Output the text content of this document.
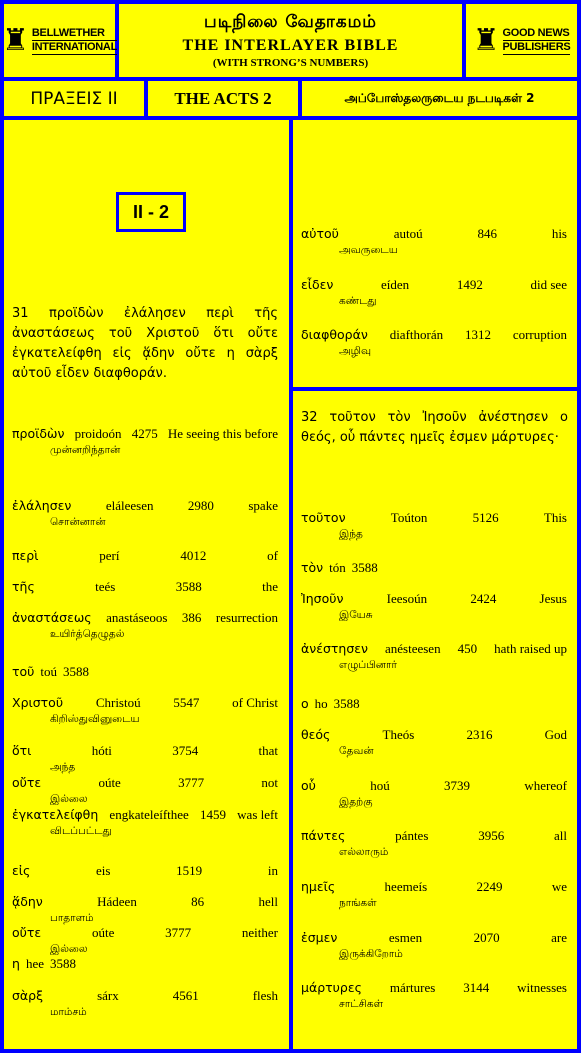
♜ BELLWETHER
INTERNATIONAL
படிநிலை வேதாகமம்
THE INTERLAYER BIBLE
(WITH STRONG’S NUMBERS)
♜ GOOD NEWS
PUBLISHERS
ΠΡΑΞΕΙΣ ΙΙ	THE ACTS 2	அப்போஸ்தலருடைய நடபடிகள் 2
II - 2
31 προϊδὼν ἐλάλησεν περὶ τῆς ἀναστάσεως τοῦ Χριστοῦ ὅτι οὔτε ἐγκατελείφθη εἰς ᾅδην οὔτε η σὰρξ αὐτοῦ εἶδεν διαφθοράν.
32 τοῦτον τὸν Ἰησοῦν ἀνέστησεν ο θεός, οὗ πάντες ημεῖς ἐσμεν μάρτυρες·
προϊδὼν proidoón 4275 He seeing this before
முன்னறிந்தான்
ἐλάλησεν	eláleesen	2980	spake
சொன்னான்
περὶ	perí	4012	of
τῆς	teés	3588	the
ἀναστάσεως anastáseoos 386 resurrection
உயிர்த்தெழுதல்
τοῦ toú 3588
Χριστοῦ	Christoú	5547	of Christ
கிறிஸ்துவினுடைய
ὅτι	hóti	3754	that
அந்த
οὔτε	oúte	3777	not
இல்லை
ἐγκατελείφθη engkateleífthee 1459 was left
விடப்பட்டது
εἰς	eis	1519	in
ᾅδην	Hádeen	86	hell
பாதாளம்
οὔτε	oúte	3777	neither
இல்லை
η hee 3588
σὰρξ	sárx	4561	flesh
மாம்சம்
αὐτοῦ	autoú	846	his
அவருடைய
εἶδεν	eíden	1492	did see
கண்டது
διαφθοράν diafthorán 1312 corruption
அழிவு
τοῦτον	Toúton	5126	This
இந்த
τὸν tón 3588
Ἰησοῦν	Ieesoún	2424	Jesus
இயேசு
ἀνέστησεν anésteesen 450 hath raised up
எழுப்பினார்
ο ho 3588
θεός	Theós	2316	God
தேவன்
οὗ	hoú	3739	whereof
இதற்கு
πάντες	pántes	3956	all
எல்லாரும்
ημεῖς	heemeís	2249	we
நாங்கள்
ἐσμεν	esmen	2070	are
இருக்கிறோம்
μάρτυρες mártures 3144 witnesses
சாட்சிகள்
